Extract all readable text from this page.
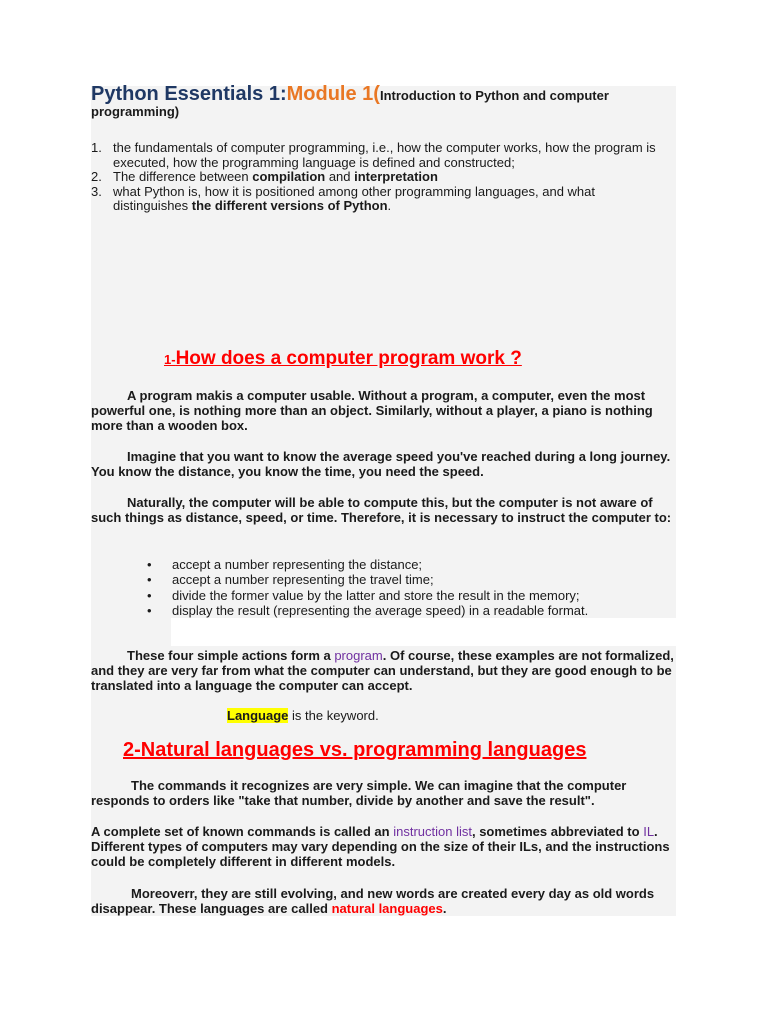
Python Essentials 1:Module 1(Introduction to Python and computer programming)
1. the fundamentals of computer programming, i.e., how the computer works, how the program is executed, how the programming language is defined and constructed;
2. The difference between compilation and interpretation
3. what Python is, how it is positioned among other programming languages, and what distinguishes the different versions of Python.
1-How does a computer program work ?
A program makis a computer usable. Without a program, a computer, even the most powerful one, is nothing more than an object. Similarly, without a player, a piano is nothing more than a wooden box.
Imagine that you want to know the average speed you've reached during a long journey. You know the distance, you know the time, you need the speed.
Naturally, the computer will be able to compute this, but the computer is not aware of such things as distance, speed, or time. Therefore, it is necessary to instruct the computer to:
• accept a number representing the distance;
• accept a number representing the travel time;
• divide the former value by the latter and store the result in the memory;
• display the result (representing the average speed) in a readable format.
These four simple actions form a program. Of course, these examples are not formalized, and they are very far from what the computer can understand, but they are good enough to be translated into a language the computer can accept.
Language is the keyword.
2-Natural languages vs. programming languages
The commands it recognizes are very simple. We can imagine that the computer responds to orders like "take that number, divide by another and save the result".
A complete set of known commands is called an instruction list, sometimes abbreviated to IL. Different types of computers may vary depending on the size of their ILs, and the instructions could be completely different in different models.
Moreoverr, they are still evolving, and new words are created every day as old words disappear. These languages are called natural languages.
